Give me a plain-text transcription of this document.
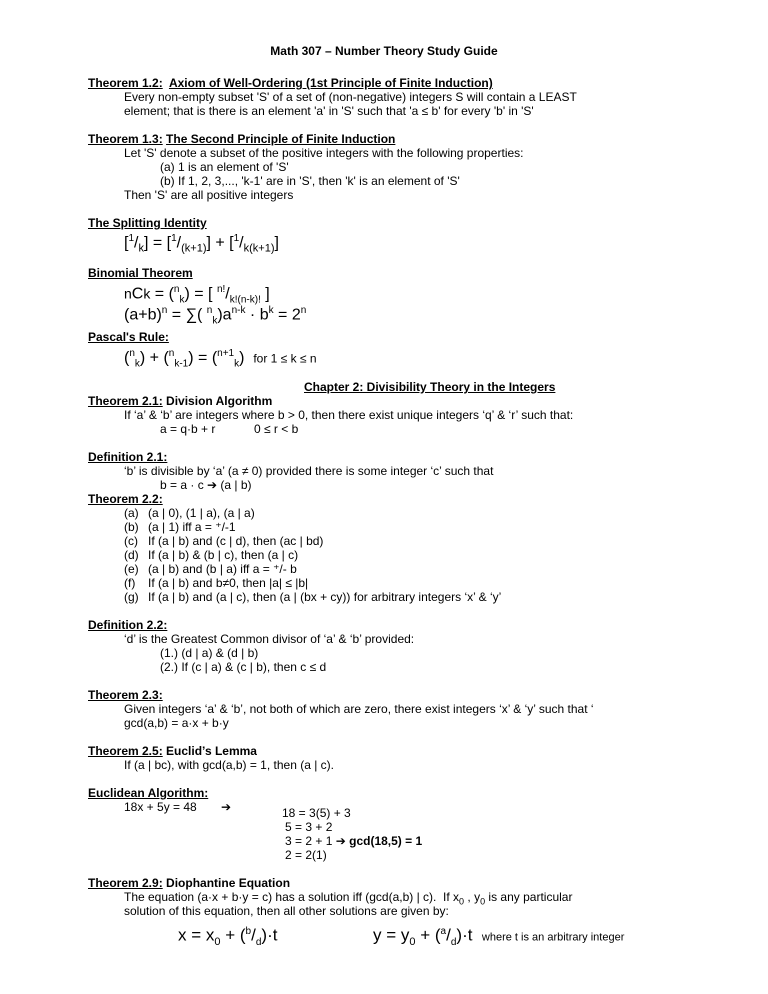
Math 307 – Number Theory Study Guide
Theorem 1.2: Axiom of Well-Ordering (1st Principle of Finite Induction)
Every non-empty subset 'S' of a set of (non-negative) integers S will contain a LEAST
element; that is there is an element 'a' in 'S' such that 'a ≤ b' for every 'b' in 'S'
Theorem 1.3: The Second Principle of Finite Induction
Let 'S' denote a subset of the positive integers with the following properties:
(a) 1 is an element of 'S'
(b) If 1, 2, 3,..., 'k-1' are in 'S', then 'k' is an element of 'S'
Then 'S' are all positive integers
The Splitting Identity
$[^1/_k] = [^1/_{(k+1)}] + [^1/_{k(k+1)}]$
Binomial Theorem
nCk = ($^n_k$) = [ $^{n!}/_{k!(n-k)!}$ ]
$(a+b)^n$ = ∑( $^n_k)a^{n-k} \cdot b^k = 2^n$
Pascal's Rule:
($^n_k$) + ($^n_{k-1}$) = ($^{n+1}_k$)  for 1 ≤ k ≤ n
Chapter 2: Divisibility Theory in the Integers
Theorem 2.1: Division Algorithm
If ‘a’ & ‘b’ are integers where b > 0, then there exist unique integers ‘q’ & ‘r’ such that:
a = q·b + r	0 ≤ r < b
Definition 2.1:
‘b’ is divisible by ‘a’ (a ≠ 0) provided there is some integer ‘c’ such that
b = a · c ➔ (a | b)
Theorem 2.2:
(a) (a | 0), (1 | a), (a | a)
(b) (a | 1) iff a = ⁺/-1
(c) If (a | b) and (c | d), then (ac | bd)
(d) If (a | b) & (b | c), then (a | c)
(e) (a | b) and (b | a) iff a = ⁺/- b
(f) If (a | b) and b≠0, then |a| ≤ |b|
(g) If (a | b) and (a | c), then (a | (bx + cy)) for arbitrary integers ‘x’ & ‘y’
Definition 2.2:
‘d’ is the Greatest Common divisor of ‘a’ & ‘b’ provided:
(1.) (d | a) & (d | b)
(2.) If (c | a) & (c | b), then c ≤ d
Theorem 2.3:
Given integers ‘a’ & ‘b’, not both of which are zero, there exist integers ‘x’ & ‘y’ such that ‘
gcd(a,b) = a·x + b·y
Theorem 2.5: Euclid’s Lemma
If (a | bc), with gcd(a,b) = 1, then (a | c).
Euclidean Algorithm:
18x + 5y = 48 ➔	18 = 3(5) + 3
5 = 3 + 2
3 = 2 + 1 ➔ gcd(18,5) = 1
2 = 2(1)
Theorem 2.9: Diophantine Equation
The equation (a·x + b·y = c) has a solution iff (gcd(a,b) | c).  If $x_0$ , $y_0$ is any particular
solution of this equation, then all other solutions are given by:
$x = x_0 + (^b/_d)\cdot t$	$y = y_0 + (^a/_d)\cdot t$  where t is an arbitrary integer
